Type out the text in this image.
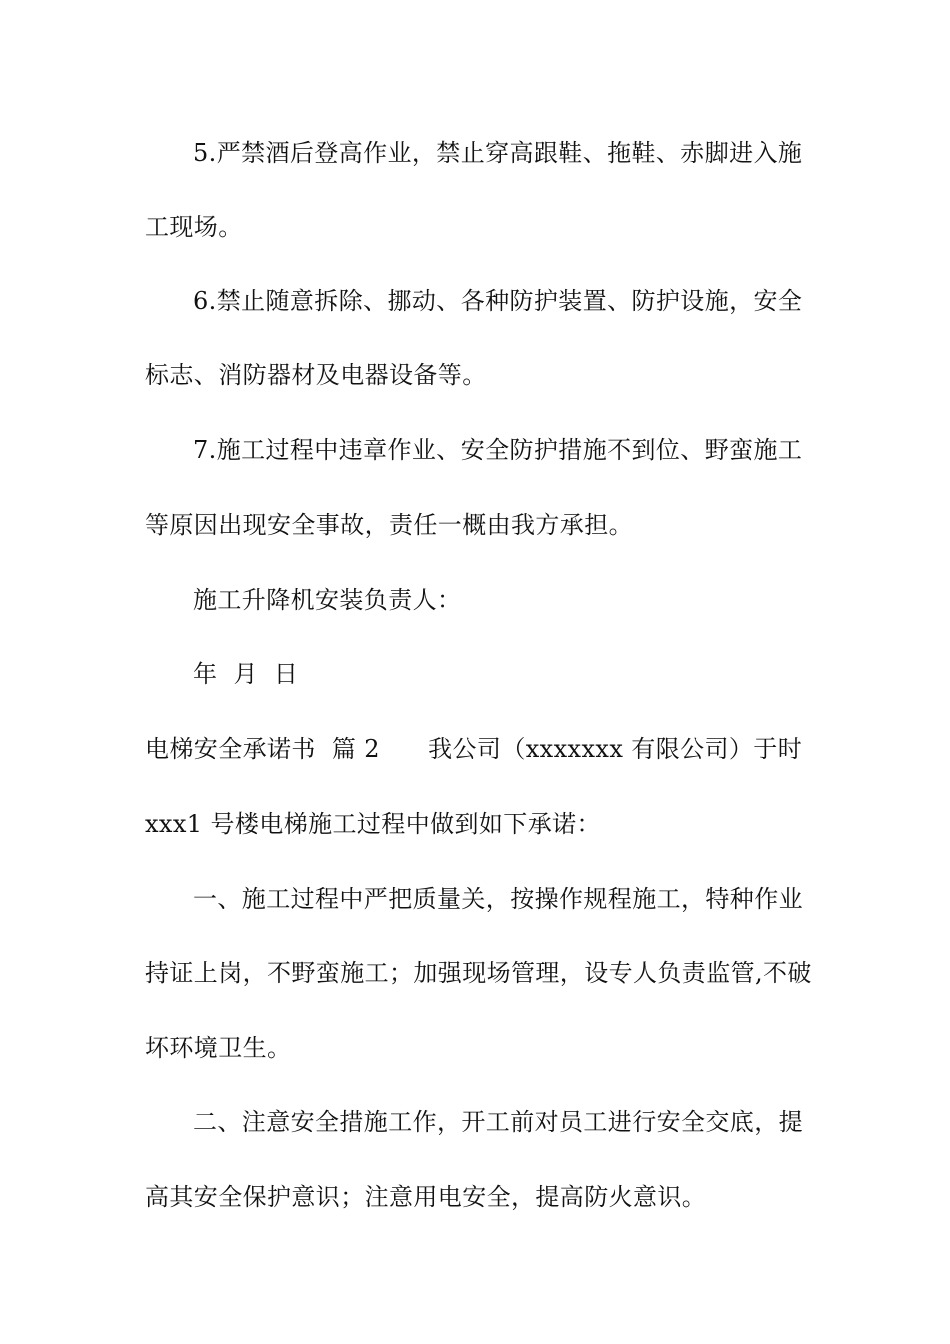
5.严禁酒后登高作业，禁止穿高跟鞋、拖鞋、赤脚进入施
工现场。
6.禁止随意拆除、挪动、各种防护装置、防护设施，安全
标志、消防器材及电器设备等。
7.施工过程中违章作业、安全防护措施不到位、野蛮施工
等原因出现安全事故，责任一概由我方承担。
施工升降机安装负责人：
年  月  日
电梯安全承诺书  篇 2      我公司（xxxxxxx 有限公司）于时
xxx1 号楼电梯施工过程中做到如下承诺：
一、施工过程中严把质量关，按操作规程施工，特种作业
持证上岗，不野蛮施工；加强现场管理，设专人负责监管,不破
坏环境卫生。
二、注意安全措施工作，开工前对员工进行安全交底，提
高其安全保护意识；注意用电安全，提高防火意识。
